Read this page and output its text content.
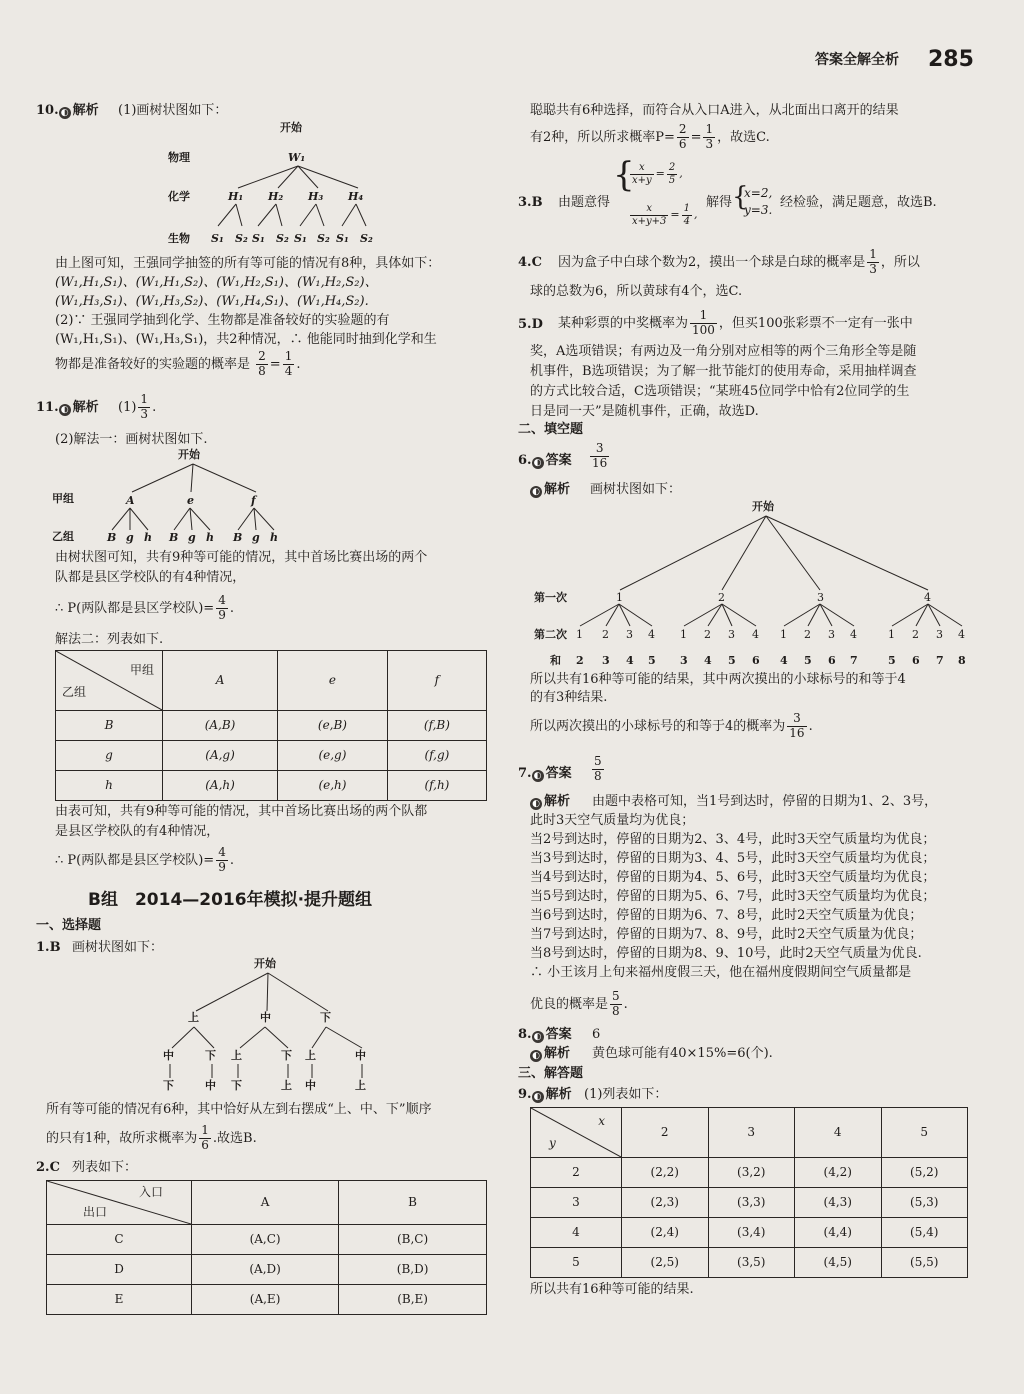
答案全解全析 285
10. ◐ 解析 (1)画树状图如下：
开始
物理
化学
生物
W₁
H₁ H₂ H₃ H₄
S₁ S₂ S₁ S₂ S₁ S₂ S₁ S₂
由上图可知，王强同学抽签的所有等可能的情况有8种，具体如下：
(W₁,H₁,S₁)、(W₁,H₁,S₂)、(W₁,H₂,S₁)、(W₁,H₂,S₂)、
(W₁,H₃,S₁)、(W₁,H₃,S₂)、(W₁,H₄,S₁)、(W₁,H₄,S₂).
(2)∵ 王强同学抽到化学、生物都是准备较好的实验题的有
(W₁,H₁,S₁)、(W₁,H₃,S₁)，共2种情况，∴ 他能同时抽到化学和生
物都是准备较好的实验题的概率是 $\frac{2}{8} = \frac{1}{4}$ .
11. ◐ 解析 $(1) \frac{1}{3}$ .
(2)解法一：画树状图如下.
开始
甲组
乙组
A	e	f
B g h B g h B g h
由树状图可知，共有9种等可能的情况，其中首场比赛出场的两个
队都是县区学校队的有4种情况，
∴ P(两队都是县区学校队)= $\frac{4}{9}$ .
解法二：列表如下.
甲组
乙组	A	e	f
B	(A,B)	(e,B)	(f,B)
g	(A,g)	(e,g)	(f,g)
h	(A,h)	(e,h)	(f,h)
由表可知，共有9种等可能的情况，其中首场比赛出场的两个队都
是县区学校队的有4种情况，
∴ P(两队都是县区学校队)= $\frac{4}{9}$ .
B组　2014—2016年模拟·提升题组
一、选择题
1.B 画树状图如下：
开始
上	中	下
中	下 上	下 上	中
下	中 下	上 中	上
所有等可能的情况有6种，其中恰好从左到右摆成“上、中、下”顺序
的只有1种，故所求概率为 $\frac{1}{6}$ .故选B.
2.C 列表如下：
入口
出口	A	B
C	(A,C)	(B,C)
D	(A,D)	(B,D)
E	(A,E)	(B,E)
聪聪共有6种选择，而符合从入口A进入，从北面出口离开的结果
有2种，所以所求概率$P= \frac{2}{6} = \frac{1}{3}$ ，故选C.
3.B 由题意得
{
$\frac{x}{x+y} = \frac{2}{5}$ ,
$\frac{x}{x+y+3} = \frac{1}{4}$ ,
解得 {
x=2,
y=3. 经检验，满足题意，故选B.
4.C 因为盒子中白球个数为2，摸出一个球是白球的概率是 $\frac{1}{3}$ ，所以
球的总数为6，所以黄球有4个，选C.
5.D 某种彩票的中奖概率为 $\frac{1}{100}$ ，但买100张彩票不一定有一张中
奖，A选项错误；有两边及一角分别对应相等的两个三角形全等是随
机事件，B选项错误；为了解一批节能灯的使用寿命，采用抽样调查
的方式比较合适，C选项错误；“某班45位同学中恰有2位同学的生
日是同一天”是随机事件，正确，故选D.
二、填空题
6. ◐ 答案 $\frac{3}{16}$
◐ 解析 画树状图如下：
开始
第一次
第二次
和
1	2	3	4
1 2 3 4 1 2 3 4 1 2 3 4	1 2 3 4
2 3 4 5 3 4 5 6 4 5 6 7	5 6 7 8
所以共有16种等可能的结果，其中两次摸出的小球标号的和等于4
的有3种结果.
所以两次摸出的小球标号的和等于4的概率为 $\frac{3}{16}$ .
7. ◐ 答案 $\frac{5}{8}$
◐ 解析 由题中表格可知，当1号到达时，停留的日期为1、2、3号，
此时3天空气质量均为优良；
当2号到达时，停留的日期为2、3、4号，此时3天空气质量均为优良；
当3号到达时，停留的日期为3、4、5号，此时3天空气质量均为优良；
当4号到达时，停留的日期为4、5、6号，此时3天空气质量均为优良；
当5号到达时，停留的日期为5、6、7号，此时3天空气质量均为优良；
当6号到达时，停留的日期为6、7、8号，此时2天空气质量为优良；
当7号到达时，停留的日期为7、8、9号，此时2天空气质量为优良；
当8号到达时，停留的日期为8、9、10号，此时2天空气质量为优良.
∴ 小王该月上旬来福州度假三天，他在福州度假期间空气质量都是
优良的概率是 $\frac{5}{8}$ .
8. ◐ 答案 6
◐ 解析 黄色球可能有40×15%=6(个).
三、解答题
9. ◐ 解析 (1)列表如下：
x
y	2	3	4	5
2	(2,2)	(3,2)	(4,2)	(5,2)
3	(2,3)	(3,3)	(4,3)	(5,3)
4	(2,4)	(3,4)	(4,4)	(5,4)
5	(2,5)	(3,5)	(4,5)	(5,5)
所以共有16种等可能的结果.
